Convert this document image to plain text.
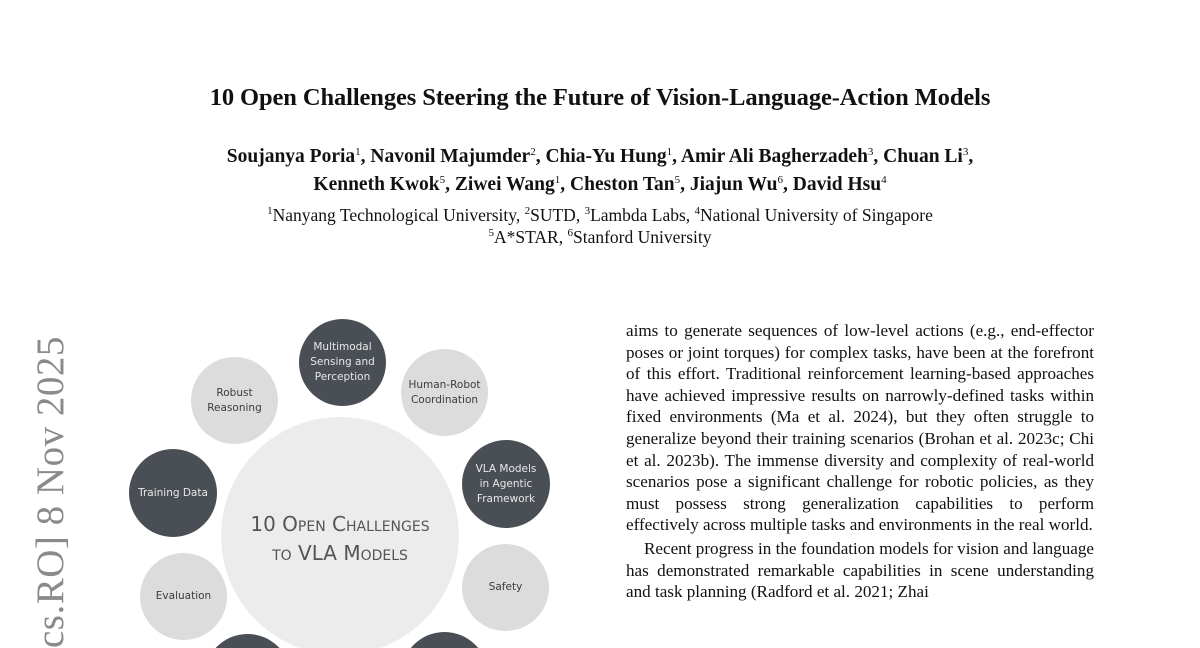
cs.RO] 8 Nov 2025
10 Open Challenges Steering the Future of Vision-Language-Action Models
Soujanya Poria$^1$, Navonil Majumder$^2$, Chia-Yu Hung$^1$, Amir Ali Bagherzadeh$^3$, Chuan Li$^3$,
Kenneth Kwok$^5$, Ziwei Wang$^1$, Cheston Tan$^5$, Jiajun Wu$^6$, David Hsu$^4$
$^1$Nanyang Technological University, $^2$SUTD, $^3$Lambda Labs, $^4$National University of Singapore
$^5$A*STAR, $^6$Stanford University
10 Open Challenges
to VLA Models
Multimodal
Sensing and
Perception
Human-Robot
Coordination
VLA Models
in Agentic
Framework
Safety
Robust
Reasoning
Training Data
Evaluation

aims to generate sequences of low-level actions (e.g., end-effector poses or joint torques) for complex tasks, have been at the forefront of this effort. Traditional reinforcement learning-based approaches have achieved impressive results on narrowly-defined tasks within fixed environments (Ma et al. 2024), but they often struggle to generalize beyond their training scenarios (Brohan et al. 2023c; Chi et al. 2023b). The immense diversity and complexity of real-world scenarios pose a significant challenge for robotic policies, as they must possess strong generalization capabilities to perform effectively across multiple tasks and environments in the real world.

Recent progress in the foundation models for vision and language has demonstrated remarkable capabilities in scene understanding and task planning (Radford et al. 2021; Zhai
